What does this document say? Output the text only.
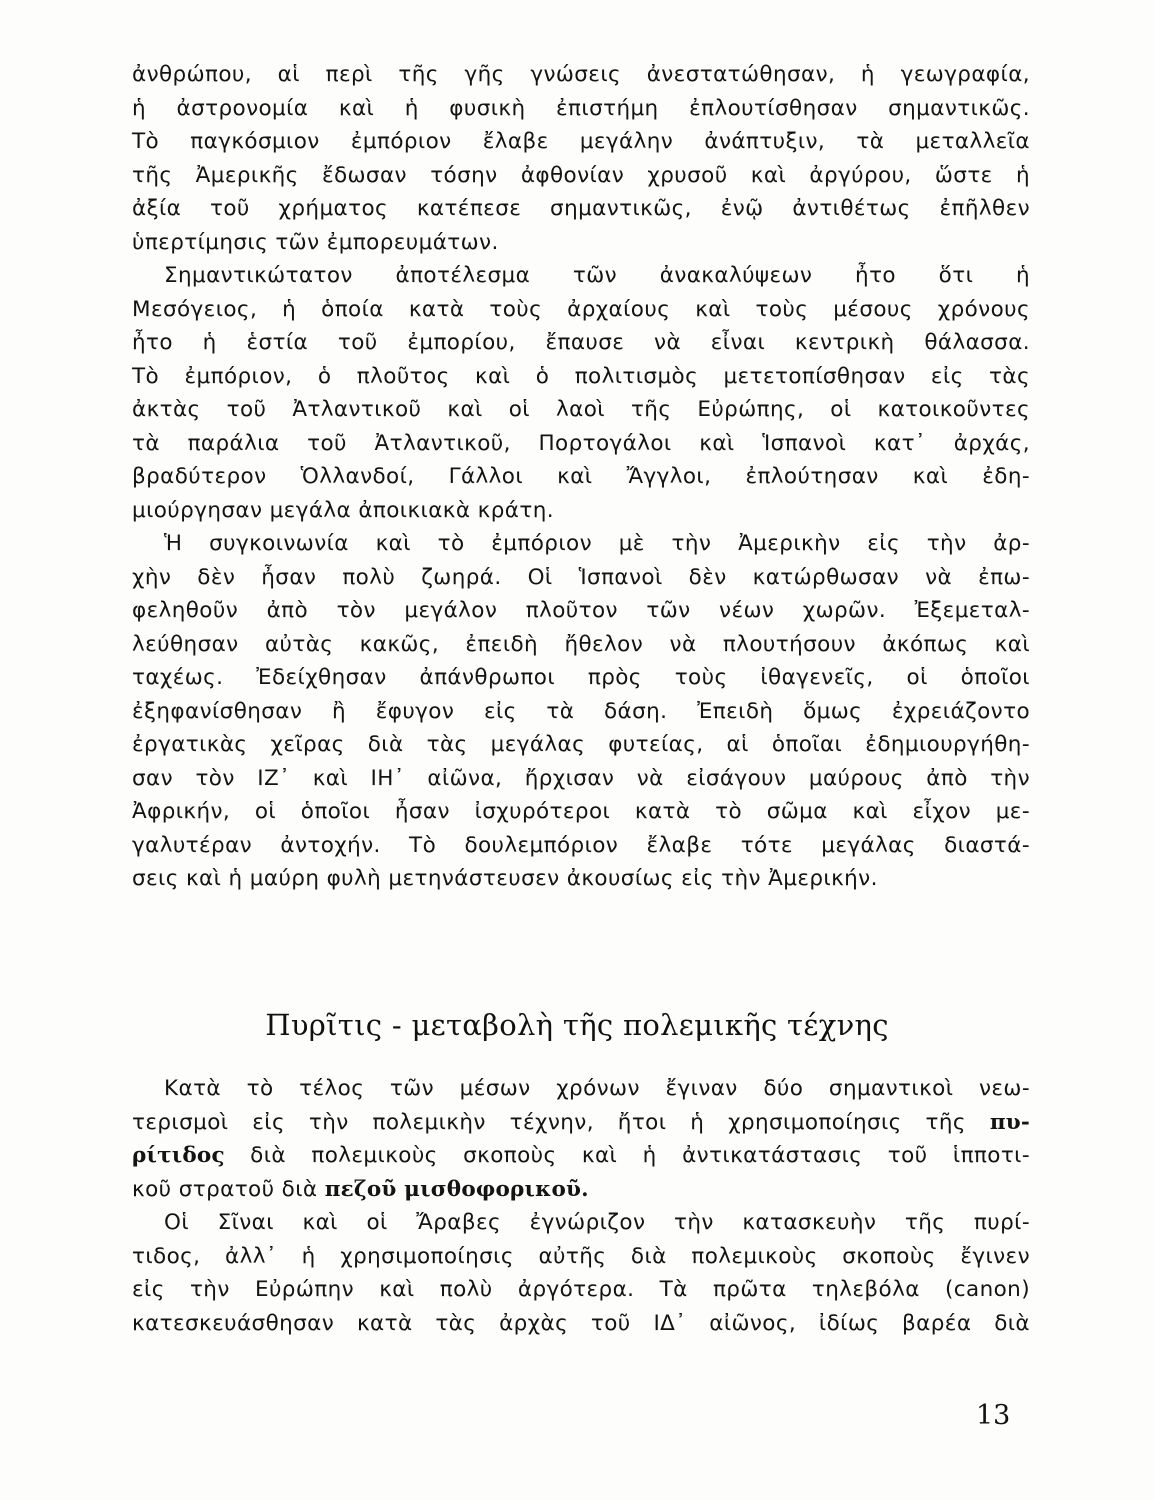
ἀνθρώπου, αἱ περὶ τῆς γῆς γνώσεις ἀνεστατώθησαν, ἡ γεωγραφία,
ἡ ἀστρονομία καὶ ἡ φυσικὴ ἐπιστήμη ἐπλουτίσθησαν σημαντικῶς.
Τὸ παγκόσμιον ἐμπόριον ἔλαβε μεγάλην ἀνάπτυξιν, τὰ μεταλλεῖα
τῆς Ἀμερικῆς ἔδωσαν τόσην ἀφθονίαν χρυσοῦ καὶ ἀργύρου, ὥστε ἡ
ἀξία τοῦ χρήματος κατέπεσε σημαντικῶς, ἐνῷ ἀντιθέτως ἐπῆλθεν
ὑπερτίμησις τῶν ἐμπορευμάτων.

Σημαντικώτατον ἀποτέλεσμα τῶν ἀνακαλύψεων ἦτο ὅτι ἡ
Μεσόγειος, ἡ ὁποία κατὰ τοὺς ἀρχαίους καὶ τοὺς μέσους χρόνους
ἦτο ἡ ἑστία τοῦ ἐμπορίου, ἔπαυσε νὰ εἶναι κεντρικὴ θάλασσα.
Τὸ ἐμπόριον, ὁ πλοῦτος καὶ ὁ πολιτισμὸς μετετοπίσθησαν εἰς τὰς
ἀκτὰς τοῦ Ἀτλαντικοῦ καὶ οἱ λαοὶ τῆς Εὐρώπης, οἱ κατοικοῦντες
τὰ παράλια τοῦ Ἀτλαντικοῦ, Πορτογάλοι καὶ Ἱσπανοὶ κατ᾽ ἀρχάς,
βραδύτερον Ὁλλανδοί, Γάλλοι καὶ Ἄγγλοι, ἐπλούτησαν καὶ ἐδη-
μιούργησαν μεγάλα ἀποικιακὰ κράτη.

Ἡ συγκοινωνία καὶ τὸ ἐμπόριον μὲ τὴν Ἀμερικὴν εἰς τὴν ἀρ-
χὴν δὲν ἦσαν πολὺ ζωηρά. Οἱ Ἱσπανοὶ δὲν κατώρθωσαν νὰ ἐπω-
φεληθοῦν ἀπὸ τὸν μεγάλον πλοῦτον τῶν νέων χωρῶν. Ἐξεμεταλ-
λεύθησαν αὐτὰς κακῶς, ἐπειδὴ ἤθελον νὰ πλουτήσουν ἀκόπως καὶ
ταχέως. Ἐδείχθησαν ἀπάνθρωποι πρὸς τοὺς ἰθαγενεῖς, οἱ ὁποῖοι
ἐξηφανίσθησαν ἢ ἔφυγον εἰς τὰ δάση. Ἐπειδὴ ὅμως ἐχρειάζοντο
ἐργατικὰς χεῖρας διὰ τὰς μεγάλας φυτείας, αἱ ὁποῖαι ἐδημιουργήθη-
σαν τὸν ΙΖ᾽ καὶ ΙΗ᾽ αἰῶνα, ἤρχισαν νὰ εἰσάγουν μαύρους ἀπὸ τὴν
Ἀφρικήν, οἱ ὁποῖοι ἦσαν ἰσχυρότεροι κατὰ τὸ σῶμα καὶ εἶχον με-
γαλυτέραν ἀντοχήν. Τὸ δουλεμπόριον ἔλαβε τότε μεγάλας διαστά-
σεις καὶ ἡ μαύρη φυλὴ μετηνάστευσεν ἀκουσίως εἰς τὴν Ἀμερικήν.

Πυρῖτις - μεταβολὴ τῆς πολεμικῆς τέχνης

Κατὰ τὸ τέλος τῶν μέσων χρόνων ἔγιναν δύο σημαντικοὶ νεω-
τερισμοὶ εἰς τὴν πολεμικὴν τέχνην, ἤτοι ἡ χρησιμοποίησις τῆς πυ-
ρίτιδος διὰ πολεμικοὺς σκοποὺς καὶ ἡ ἀντικατάστασις τοῦ ἱπποτι-
κοῦ στρατοῦ διὰ πεζοῦ μισθοφορικοῦ.

Οἱ Σῖναι καὶ οἱ Ἄραβες ἐγνώριζον τὴν κατασκευὴν τῆς πυρί-
τιδος, ἀλλ᾽ ἡ χρησιμοποίησις αὐτῆς διὰ πολεμικοὺς σκοποὺς ἔγινεν
εἰς τὴν Εὐρώπην καὶ πολὺ ἀργότερα. Τὰ πρῶτα τηλεβόλα (canon)
κατεσκευάσθησαν κατὰ τὰς ἀρχὰς τοῦ ΙΔ᾽ αἰῶνος, ἰδίως βαρέα διὰ

13
